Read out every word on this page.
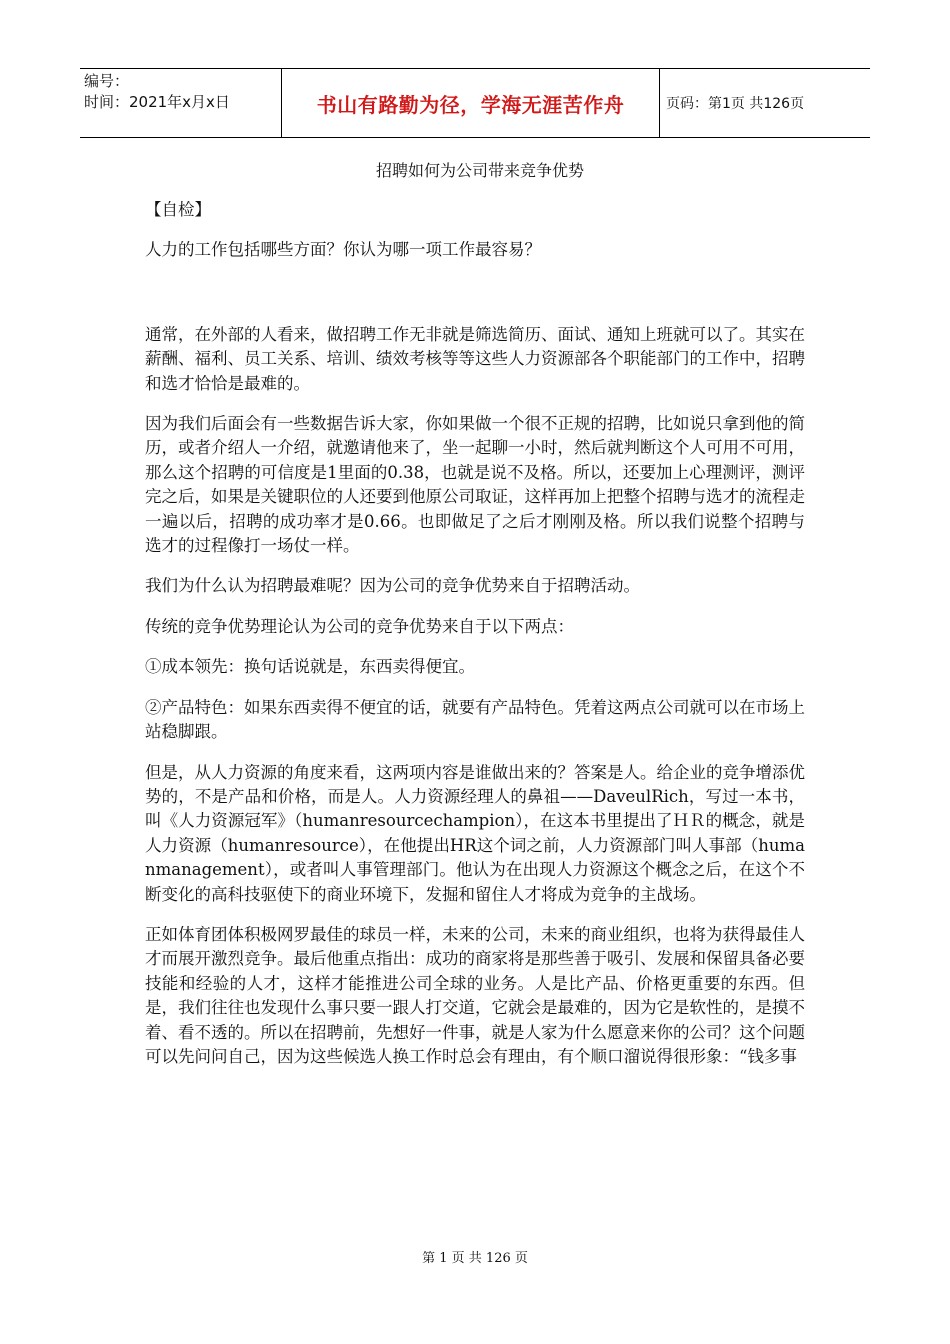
编号：
时间：2021年x月x日	书山有路勤为径，学海无涯苦作舟	页码：第1页 共126页
招聘如何为公司带来竞争优势

【自检】

人力的工作包括哪些方面？你认为哪一项工作最容易？

通常，在外部的人看来，做招聘工作无非就是筛选简历、面试、通知上班就可以了。其实在薪酬、福利、员工关系、培训、绩效考核等等这些人力资源部各个职能部门的工作中，招聘和选才恰恰是最难的。

因为我们后面会有一些数据告诉大家，你如果做一个很不正规的招聘，比如说只拿到他的简历，或者介绍人一介绍，就邀请他来了，坐一起聊一小时，然后就判断这个人可用不可用，那么这个招聘的可信度是1里面的0.38，也就是说不及格。所以，还要加上心理测评，测评完之后，如果是关键职位的人还要到他原公司取证，这样再加上把整个招聘与选才的流程走一遍以后，招聘的成功率才是0.66。也即做足了之后才刚刚及格。所以我们说整个招聘与选才的过程像打一场仗一样。

我们为什么认为招聘最难呢？因为公司的竞争优势来自于招聘活动。

传统的竞争优势理论认为公司的竞争优势来自于以下两点：

①成本领先：换句话说就是，东西卖得便宜。

②产品特色：如果东西卖得不便宜的话，就要有产品特色。凭着这两点公司就可以在市场上站稳脚跟。

但是，从人力资源的角度来看，这两项内容是谁做出来的？答案是人。给企业的竞争增添优势的，不是产品和价格，而是人。人力资源经理人的鼻祖——DaveulRich，写过一本书，叫《人力资源冠军》（humanresourcechampion），在这本书里提出了ＨＲ的概念，就是人力资源（humanresource），在他提出HR这个词之前，人力资源部门叫人事部（humanmanagement），或者叫人事管理部门。他认为在出现人力资源这个概念之后，在这个不断变化的高科技驱使下的商业环境下，发掘和留住人才将成为竞争的主战场。

正如体育团体积极网罗最佳的球员一样，未来的公司，未来的商业组织，也将为获得最佳人才而展开激烈竞争。最后他重点指出：成功的商家将是那些善于吸引、发展和保留具备必要技能和经验的人才，这样才能推进公司全球的业务。人是比产品、价格更重要的东西。但是，我们往往也发现什么事只要一跟人打交道，它就会是最难的，因为它是软性的，是摸不着、看不透的。所以在招聘前，先想好一件事，就是人家为什么愿意来你的公司？这个问题可以先问问自己，因为这些候选人换工作时总会有理由，有个顺口溜说得很形象：“钱多事

第 1 页 共 126 页
